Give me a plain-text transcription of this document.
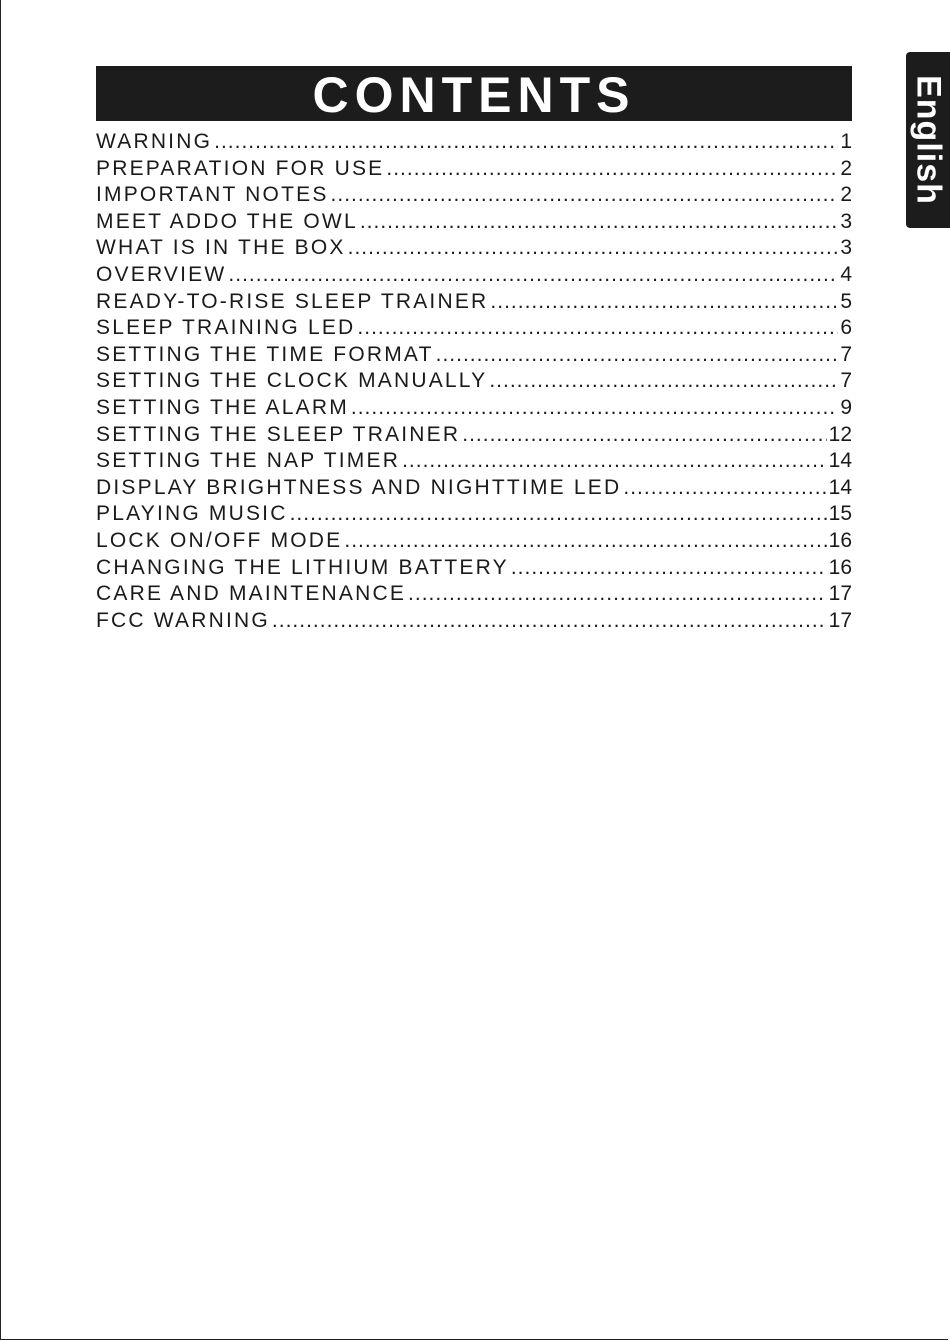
CONTENTS	English
WARNING .....	1
PREPARATION FOR USE .....	2
IMPORTANT NOTES .....	2
MEET ADDO THE OWL .....	3
WHAT IS IN THE BOX .....	3
OVERVIEW .....	4
READY-TO-RISE SLEEP TRAINER .....	5
SLEEP TRAINING LED .....	6
SETTING THE TIME FORMAT .....	7
SETTING THE CLOCK MANUALLY .....	7
SETTING THE ALARM .....	9
SETTING THE SLEEP TRAINER .....	12
SETTING THE NAP TIMER .....	14
DISPLAY BRIGHTNESS AND NIGHTTIME LED .....	14
PLAYING MUSIC .....	15
LOCK ON/OFF MODE .....	16
CHANGING THE LITHIUM BATTERY .....	16
CARE AND MAINTENANCE .....	17
FCC WARNING .....	17
